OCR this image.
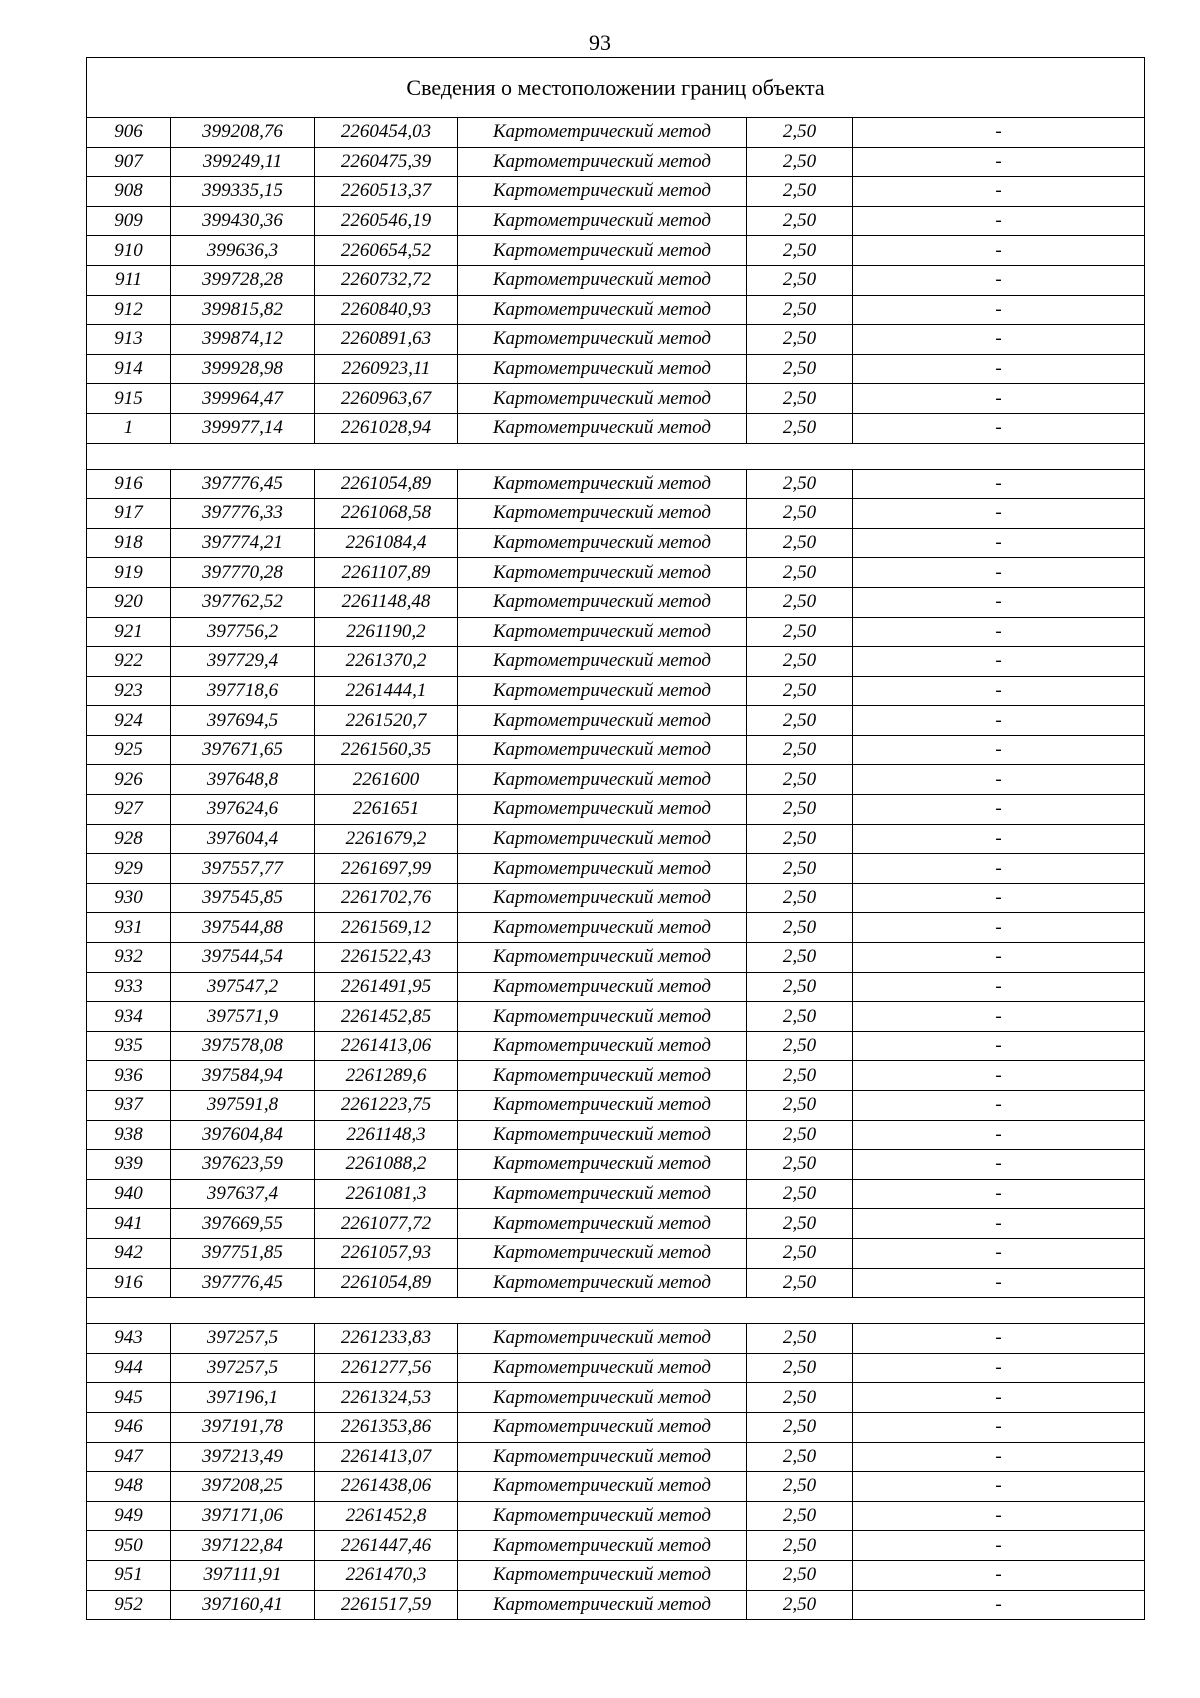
93
Сведения о местоположении границ объекта					
906	399208,76	2260454,03	Картометрический метод	2,50	-
907	399249,11	2260475,39	Картометрический метод	2,50	-
908	399335,15	2260513,37	Картометрический метод	2,50	-
909	399430,36	2260546,19	Картометрический метод	2,50	-
910	399636,3	2260654,52	Картометрический метод	2,50	-
911	399728,28	2260732,72	Картометрический метод	2,50	-
912	399815,82	2260840,93	Картометрический метод	2,50	-
913	399874,12	2260891,63	Картометрический метод	2,50	-
914	399928,98	2260923,11	Картометрический метод	2,50	-
915	399964,47	2260963,67	Картометрический метод	2,50	-
1	399977,14	2261028,94	Картометрический метод	2,50	-

916	397776,45	2261054,89	Картометрический метод	2,50	-
917	397776,33	2261068,58	Картометрический метод	2,50	-
918	397774,21	2261084,4	Картометрический метод	2,50	-
919	397770,28	2261107,89	Картометрический метод	2,50	-
920	397762,52	2261148,48	Картометрический метод	2,50	-
921	397756,2	2261190,2	Картометрический метод	2,50	-
922	397729,4	2261370,2	Картометрический метод	2,50	-
923	397718,6	2261444,1	Картометрический метод	2,50	-
924	397694,5	2261520,7	Картометрический метод	2,50	-
925	397671,65	2261560,35	Картометрический метод	2,50	-
926	397648,8	2261600	Картометрический метод	2,50	-
927	397624,6	2261651	Картометрический метод	2,50	-
928	397604,4	2261679,2	Картометрический метод	2,50	-
929	397557,77	2261697,99	Картометрический метод	2,50	-
930	397545,85	2261702,76	Картометрический метод	2,50	-
931	397544,88	2261569,12	Картометрический метод	2,50	-
932	397544,54	2261522,43	Картометрический метод	2,50	-
933	397547,2	2261491,95	Картометрический метод	2,50	-
934	397571,9	2261452,85	Картометрический метод	2,50	-
935	397578,08	2261413,06	Картометрический метод	2,50	-
936	397584,94	2261289,6	Картометрический метод	2,50	-
937	397591,8	2261223,75	Картометрический метод	2,50	-
938	397604,84	2261148,3	Картометрический метод	2,50	-
939	397623,59	2261088,2	Картометрический метод	2,50	-
940	397637,4	2261081,3	Картометрический метод	2,50	-
941	397669,55	2261077,72	Картометрический метод	2,50	-
942	397751,85	2261057,93	Картометрический метод	2,50	-
916	397776,45	2261054,89	Картометрический метод	2,50	-

943	397257,5	2261233,83	Картометрический метод	2,50	-
944	397257,5	2261277,56	Картометрический метод	2,50	-
945	397196,1	2261324,53	Картометрический метод	2,50	-
946	397191,78	2261353,86	Картометрический метод	2,50	-
947	397213,49	2261413,07	Картометрический метод	2,50	-
948	397208,25	2261438,06	Картометрический метод	2,50	-
949	397171,06	2261452,8	Картометрический метод	2,50	-
950	397122,84	2261447,46	Картометрический метод	2,50	-
951	397111,91	2261470,3	Картометрический метод	2,50	-
952	397160,41	2261517,59	Картометрический метод	2,50	-
